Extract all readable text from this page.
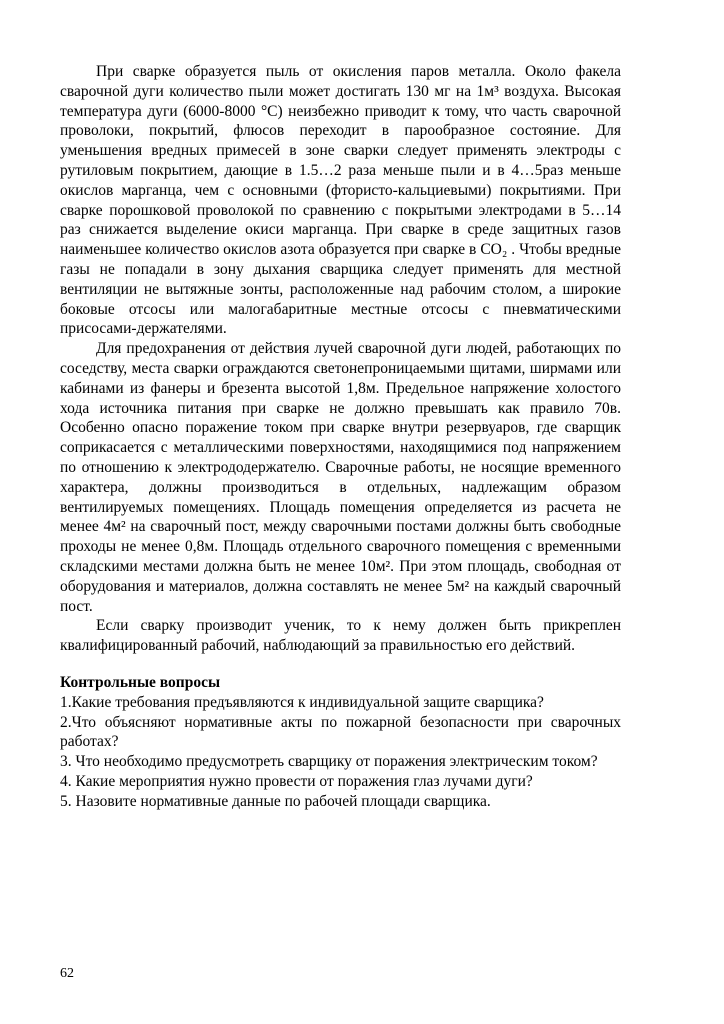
При сварке образуется пыль от окисления паров металла. Около факела сварочной дуги количество пыли может достигать 130 мг на 1м³ воздуха. Высокая температура дуги (6000-8000 °С) неизбежно приводит к тому, что часть сварочной проволоки, покрытий, флюсов переходит в парообразное состояние. Для уменьшения вредных примесей в зоне сварки следует применять электроды с рутиловым покрытием, дающие в 1.5…2 раза меньше пыли и в 4…5раз меньше окислов марганца, чем с основными (фтористо-кальциевыми) покрытиями. При сварке порошковой проволокой по сравнению с покрытыми электродами в 5…14 раз снижается выделение окиси марганца. При сварке в среде защитных газов наименьшее количество окислов азота образуется при сварке в CO₂ . Чтобы вредные газы не попадали в зону дыхания сварщика следует применять для местной вентиляции не вытяжные зонты, расположенные над рабочим столом, а широкие боковые отсосы или малогабаритные местные отсосы с пневматическими присосами-держателями.

Для предохранения от действия лучей сварочной дуги людей, работающих по соседству, места сварки ограждаются светонепроницаемыми щитами, ширмами или кабинами из фанеры и брезента высотой 1,8м. Предельное напряжение холостого хода источника питания при сварке не должно превышать как правило 70в. Особенно опасно поражение током при сварке внутри резервуаров, где сварщик соприкасается с металлическими поверхностями, находящимися под напряжением по отношению к электрододержателю. Сварочные работы, не носящие временного характера, должны производиться в отдельных, надлежащим образом вентилируемых помещениях. Площадь помещения определяется из расчета не менее 4м² на сварочный пост, между сварочными постами должны быть свободные проходы не менее 0,8м. Площадь отдельного сварочного помещения с временными складскими местами должна быть не менее 10м². При этом площадь, свободная от оборудования и материалов, должна составлять не менее 5м² на каждый сварочный пост.

Если сварку производит ученик, то к нему должен быть прикреплен квалифицированный рабочий, наблюдающий за правильностью его действий.

Контрольные вопросы

1.Какие требования предъявляются к индивидуальной защите сварщика?

2.Что объясняют нормативные акты по пожарной безопасности при сварочных работах?

3. Что необходимо предусмотреть сварщику от поражения электрическим током?

4. Какие мероприятия нужно провести от поражения глаз лучами дуги?

5. Назовите нормативные данные по рабочей площади сварщика.

62
